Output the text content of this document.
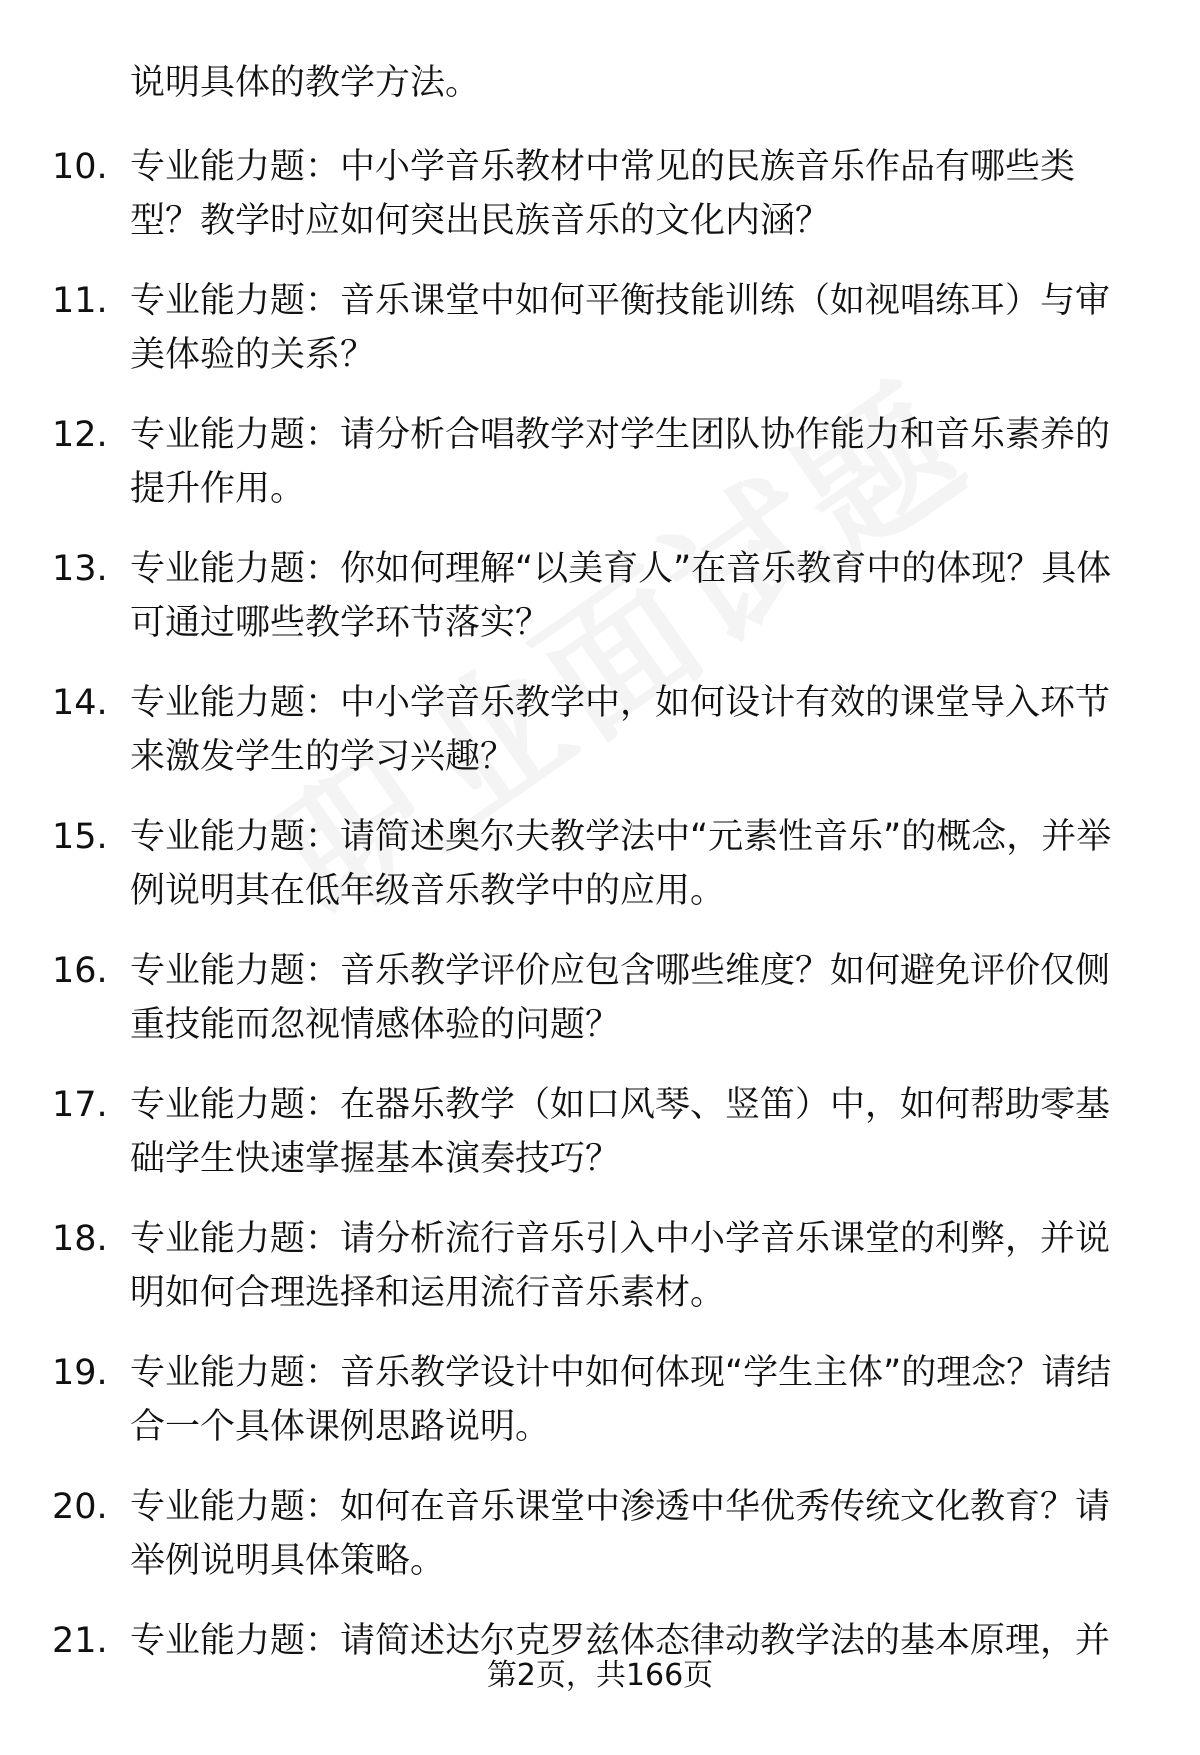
说明具体的教学方法。
10. 专业能力题：中小学音乐教材中常见的民族音乐作品有哪些类型？教学时应如何突出民族音乐的文化内涵？
11. 专业能力题：音乐课堂中如何平衡技能训练（如视唱练耳）与审美体验的关系？
12. 专业能力题：请分析合唱教学对学生团队协作能力和音乐素养的提升作用。
13. 专业能力题：你如何理解“以美育人”在音乐教育中的体现？具体可通过哪些教学环节落实？
14. 专业能力题：中小学音乐教学中，如何设计有效的课堂导入环节来激发学生的学习兴趣？
15. 专业能力题：请简述奥尔夫教学法中“元素性音乐”的概念，并举例说明其在低年级音乐教学中的应用。
16. 专业能力题：音乐教学评价应包含哪些维度？如何避免评价仅侧重技能而忽视情感体验的问题？
17. 专业能力题：在器乐教学（如口风琴、竖笛）中，如何帮助零基础学生快速掌握基本演奏技巧？
18. 专业能力题：请分析流行音乐引入中小学音乐课堂的利弊，并说明如何合理选择和运用流行音乐素材。
19. 专业能力题：音乐教学设计中如何体现“学生主体”的理念？请结合一个具体课例思路说明。
20. 专业能力题：如何在音乐课堂中渗透中华优秀传统文化教育？请举例说明具体策略。
21. 专业能力题：请简述达尔克罗兹体态律动教学法的基本原理，并
第2页，共166页
